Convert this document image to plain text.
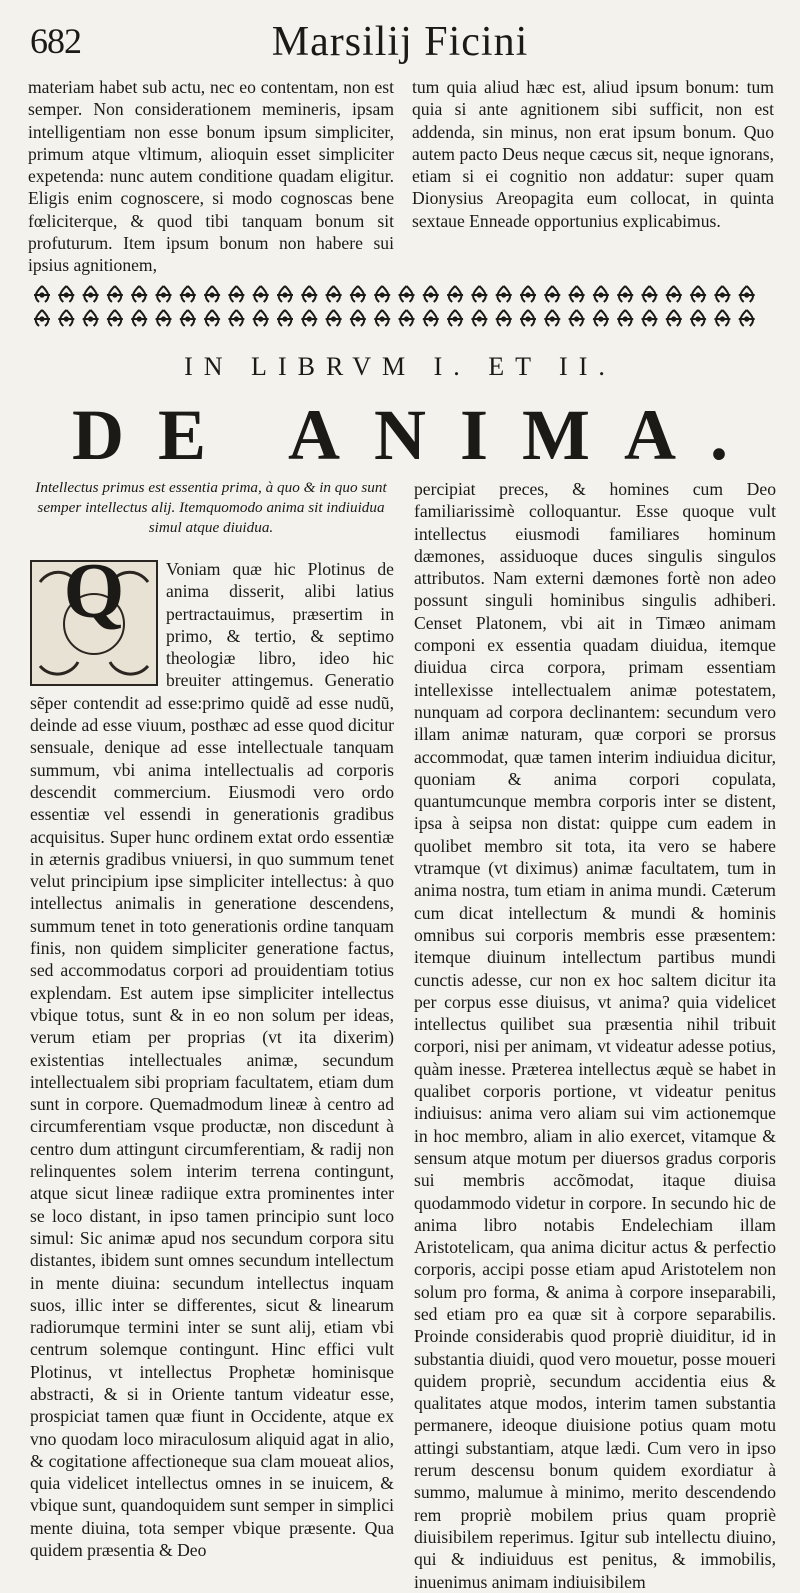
682	Marsilij Ficini

materiam habet sub actu, nec eo contentam, non est semper. Non considerationem memineris, ipsam intelligentiam non esse bonum ipsum simpliciter, primum atque vltimum, alioquin esset simpliciter expetenda: nunc autem conditione quadam eligitur. Eligis enim cognoscere, si modo cognoscas bene fœliciterque, & quod tibi tanquam bonum sit profuturum. Item ipsum bonum non habere sui ipsius agnitionem,

tum quia aliud hæc est, aliud ipsum bonum: tum quia si ante agnitionem sibi sufficit, non est addenda, sin minus, non erat ipsum bonum. Quo autem pacto Deus neque cæcus sit, neque ignorans, etiam si ei cognitio non addatur: super quam Dionysius Areopagita eum collocat, in quinta sextaue Enneade opportunius explicabimus.

IN LIBRVM I. ET II.
DE ANIMA.
Intellectus primus est essentia prima, à quo & in quo sunt semper intellectus alij. Itemquomodo anima sit indiuidua simul atque diuidua.
Q	Voniam quæ hic Plotinus de anima disserit, alibi latius pertractauimus, præsertim in primo, & tertio, & septimo theologiæ libro, ideo hic breuiter attingemus. Generatio sẽper contendit ad esse:primo quidẽ ad esse nudũ, deinde ad esse viuum, posthæc ad esse quod dicitur sensuale, denique ad esse intellectuale tanquam summum, vbi anima intellectualis ad corporis descendit commercium. Eiusmodi vero ordo essentiæ vel essendi in generationis gradibus acquisitus. Super hunc ordinem extat ordo essentiæ in æternis gradibus vniuersi, in quo summum tenet velut principium ipse simpliciter intellectus: à quo intellectus animalis in generatione descendens, summum tenet in toto generationis ordine tanquam finis, non quidem simpliciter generatione factus, sed accommodatus corpori ad prouidentiam totius explendam. Est autem ipse simpliciter intellectus vbique totus, sunt & in eo non solum per ideas, verum etiam per proprias (vt ita dixerim) existentias intellectuales animæ, secundum intellectualem sibi propriam facultatem, etiam dum sunt in corpore. Quemadmodum lineæ à centro ad circumferentiam vsque productæ, non discedunt à centro dum attingunt circumferentiam, & radij non relinquentes solem interim terrena contingunt, atque sicut lineæ radiique extra prominentes inter se loco distant, in ipso tamen principio sunt loco simul: Sic animæ apud nos secundum corpora situ distantes, ibidem sunt omnes secundum intellectum in mente diuina: secundum intellectus inquam suos, illic inter se differentes, sicut & linearum radiorumque termini inter se sunt alij, etiam vbi centrum solemque contingunt. Hinc effici vult Plotinus, vt intellectus Prophetæ hominisque abstracti, & si in Oriente tantum videatur esse, prospiciat tamen quæ fiunt in Occidente, atque ex vno quodam loco miraculosum aliquid agat in alio, & cogitatione affectioneque sua clam moueat alios, quia videlicet intellectus omnes in se inuicem, & vbique sunt, quandoquidem sunt semper in simplici mente diuina, tota semper vbique præsente. Qua quidem præsentia & Deo

percipiat preces, & homines cum Deo familiarissimè colloquantur. Esse quoque vult intellectus eiusmodi familiares hominum dæmones, assiduoque duces singulis singulos attributos. Nam externi dæmones fortè non adeo possunt singuli hominibus singulis adhiberi. Censet Platonem, vbi ait in Timæo animam componi ex essentia quadam diuidua, itemque diuidua circa corpora, primam essentiam intellexisse intellectualem animæ potestatem, nunquam ad corpora declinantem: secundum vero illam animæ naturam, quæ corpori se prorsus accommodat, quæ tamen interim indiuidua dicitur, quoniam & anima corpori copulata, quantumcunque membra corporis inter se distent, ipsa à seipsa non distat: quippe cum eadem in quolibet membro sit tota, ita vero se habere vtramque (vt diximus) animæ facultatem, tum in anima nostra, tum etiam in anima mundi. Cæterum cum dicat intellectum & mundi & hominis omnibus sui corporis membris esse præsentem: itemque diuinum intellectum partibus mundi cunctis adesse, cur non ex hoc saltem dicitur ita per corpus esse diuisus, vt anima? quia videlicet intellectus quilibet sua præsentia nihil tribuit corpori, nisi per animam, vt videatur adesse potius, quàm inesse. Præterea intellectus æquè se habet in qualibet corporis portione, vt videatur penitus indiuisus: anima vero aliam sui vim actionemque in hoc membro, aliam in alio exercet, vitamque & sensum atque motum per diuersos gradus corporis sui membris accõmodat, itaque diuisa quodammodo videtur in corpore. In secundo hic de anima libro notabis Endelechiam illam Aristotelicam, qua anima dicitur actus & perfectio corporis, accipi posse etiam apud Aristotelem non solum pro forma, & anima à corpore inseparabili, sed etiam pro ea quæ sit à corpore separabilis. Proinde considerabis quod propriè diuiditur, id in substantia diuidi, quod vero mouetur, posse moueri quidem propriè, secundum accidentia eius & qualitates atque modos, interim tamen substantia permanere, ideoque diuisione potius quam motu attingi substantiam, atque lædi. Cum vero in ipso rerum descensu bonum quidem exordiatur à summo, malumue à minimo, merito descendendo rem propriè mobilem prius quam propriè diuisibilem reperimus. Igitur sub intellectu diuino, qui & indiuiduus est penitus, & immobilis, inuenimus animam indiuisibilem
